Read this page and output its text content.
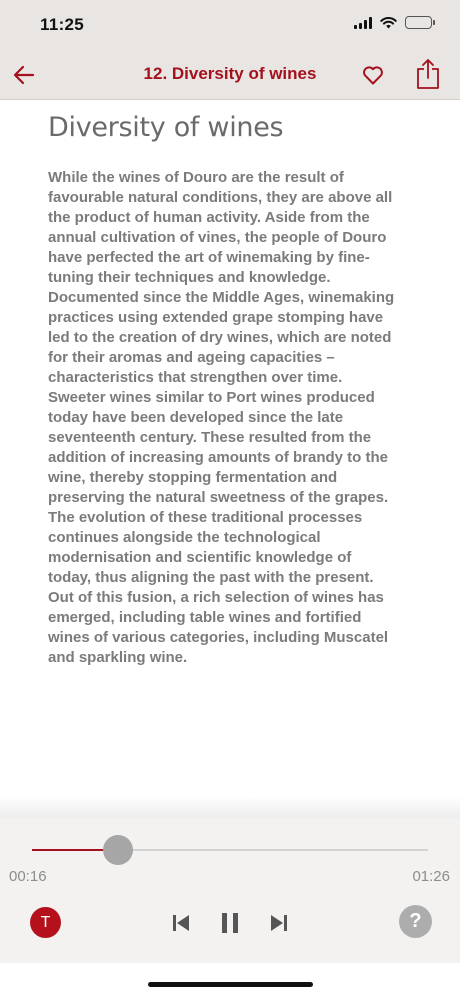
11:25
12. Diversity of wines
Diversity of wines

While the wines of Douro are the result of favourable natural conditions, they are above all the product of human activity. Aside from the annual cultivation of vines, the people of Douro have perfected the art of winemaking by fine-tuning their techniques and knowledge.

Documented since the Middle Ages, winemaking practices using extended grape stomping have led to the creation of dry wines, which are noted for their aromas and ageing capacities – characteristics that strengthen over time.

Sweeter wines similar to Port wines produced today have been developed since the late seventeenth century. These resulted from the addition of increasing amounts of brandy to the wine, thereby stopping fermentation and preserving the natural sweetness of the grapes.

The evolution of these traditional processes continues alongside the technological modernisation and scientific knowledge of today, thus aligning the past with the present. Out of this fusion, a rich selection of wines has emerged, including table wines and fortified wines of various categories, including Muscatel and sparkling wine.

00:16	01:26
T	?
